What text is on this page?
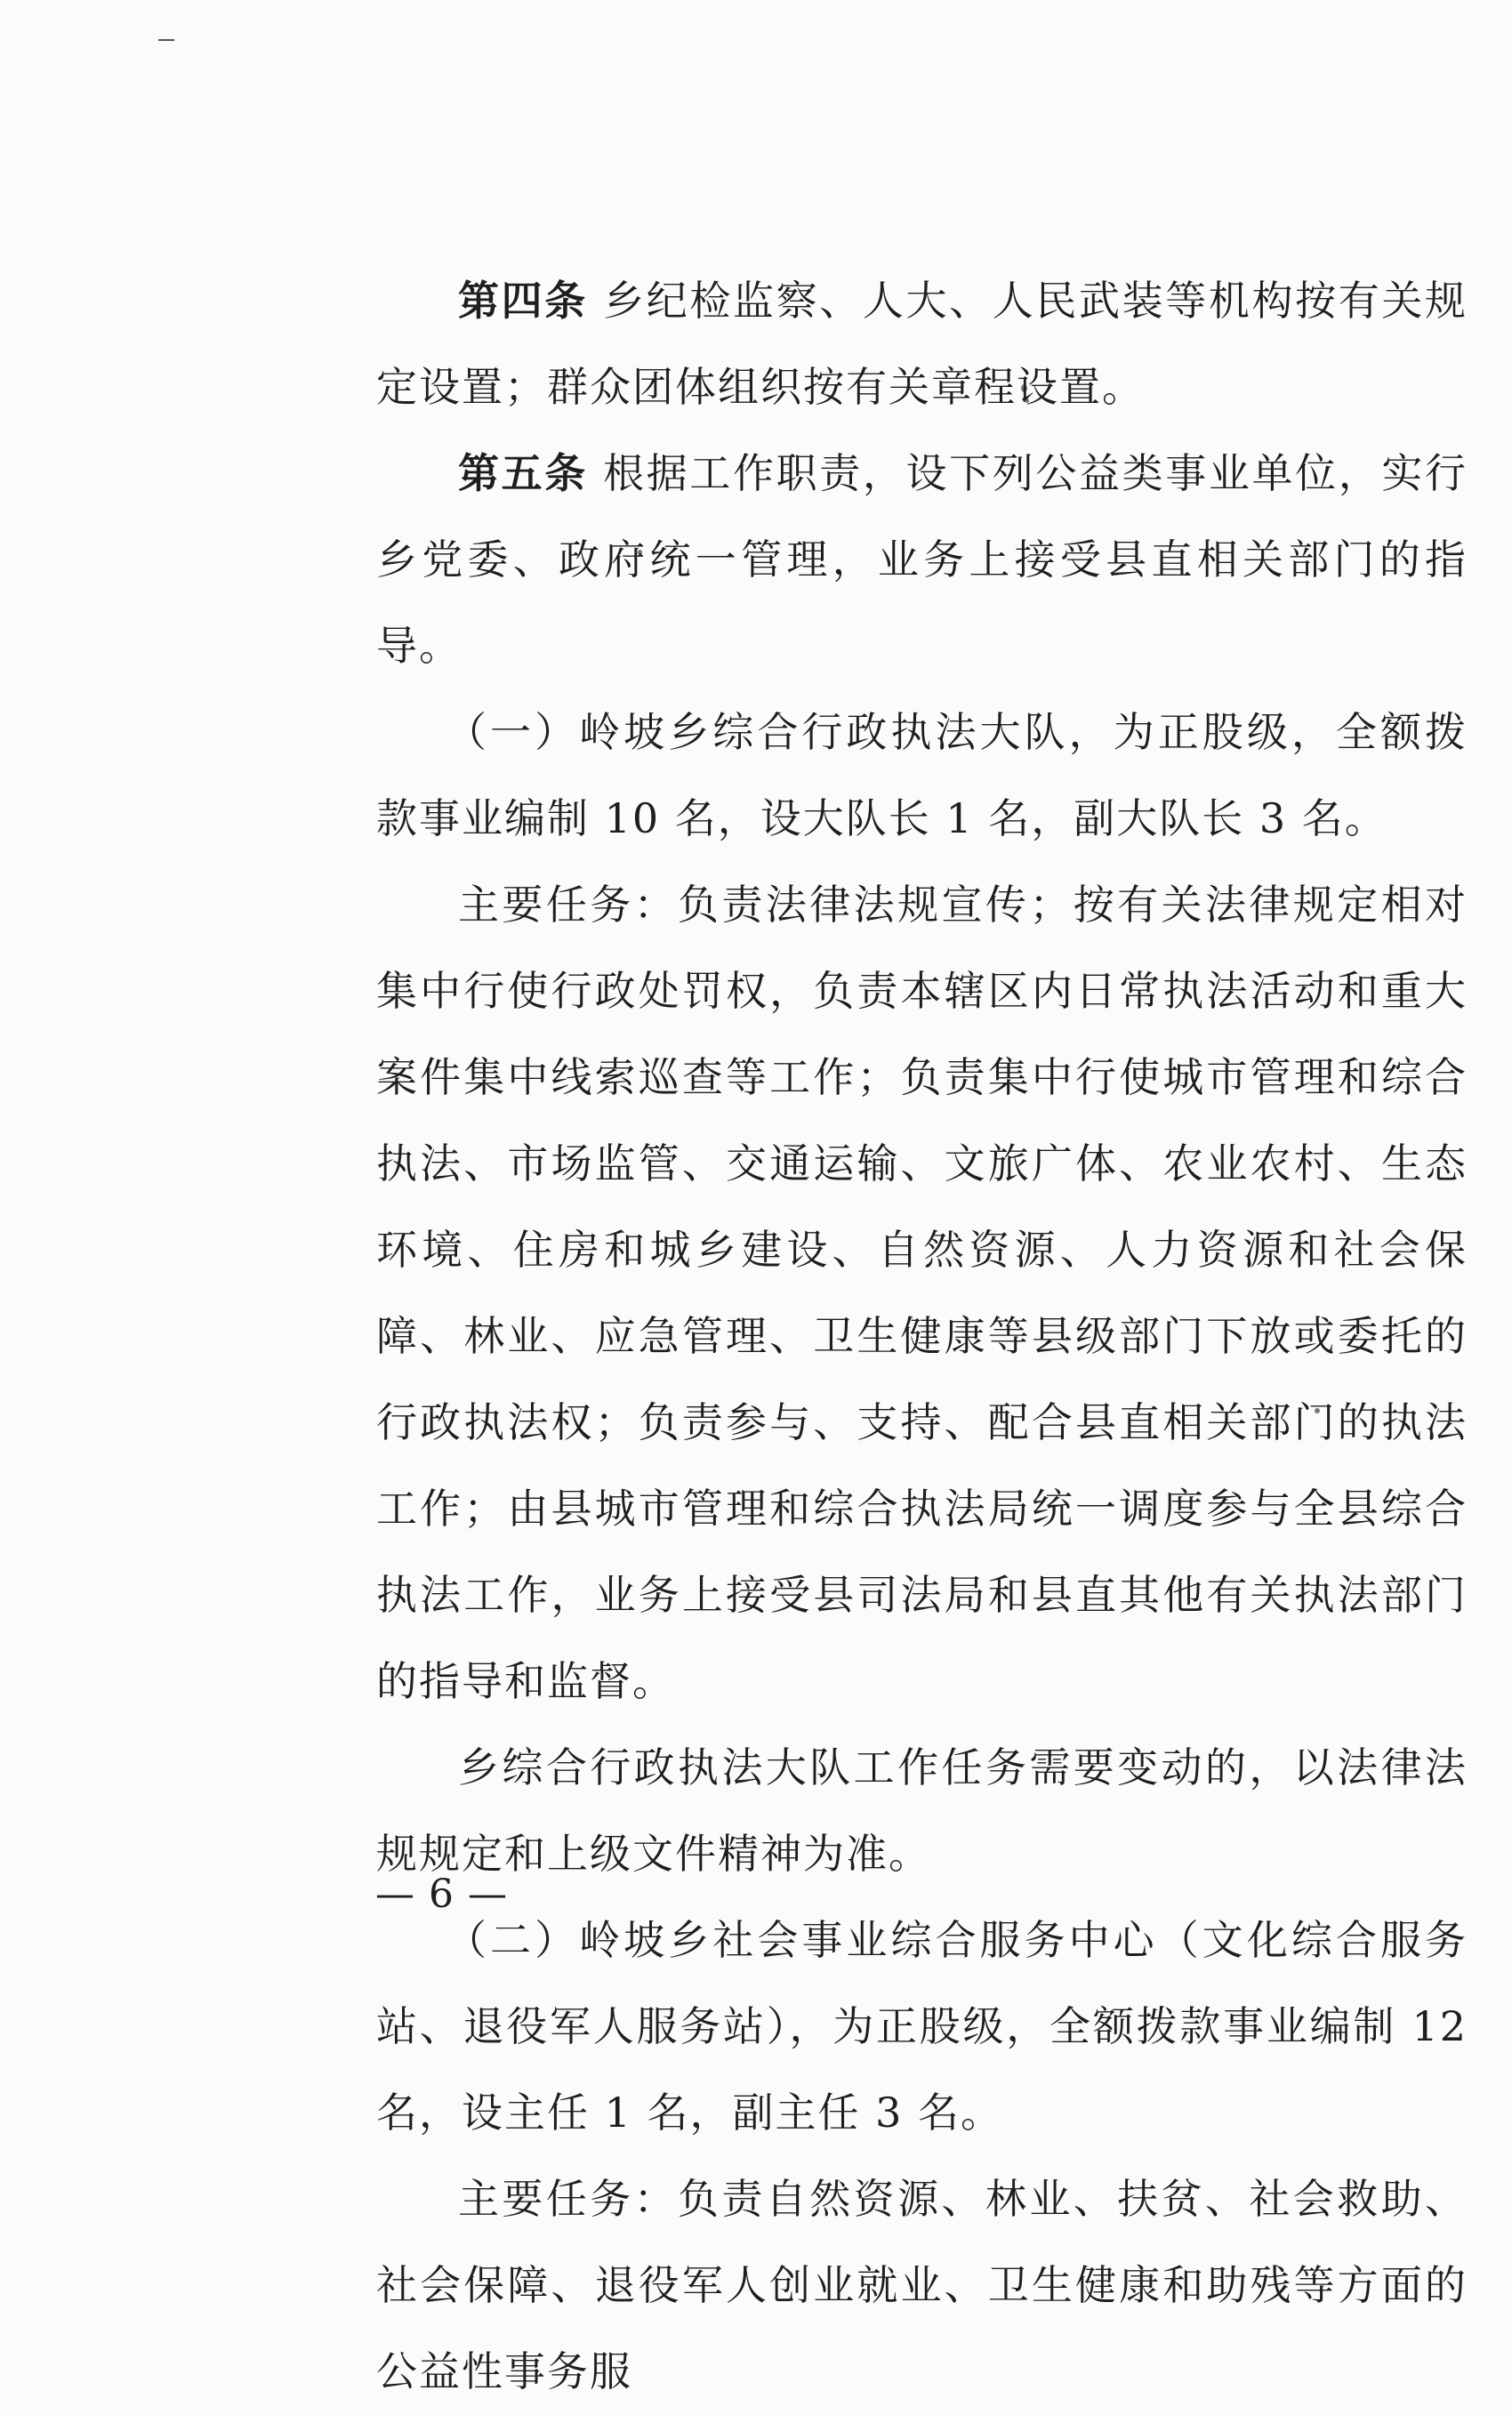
第四条 乡纪检监察、人大、人民武装等机构按有关规定设置；群众团体组织按有关章程设置。

第五条 根据工作职责，设下列公益类事业单位，实行乡党委、政府统一管理，业务上接受县直相关部门的指导。

（一）岭坡乡综合行政执法大队，为正股级，全额拨款事业编制 10 名，设大队长 1 名，副大队长 3 名。

主要任务：负责法律法规宣传；按有关法律规定相对集中行使行政处罚权，负责本辖区内日常执法活动和重大案件集中线索巡查等工作；负责集中行使城市管理和综合执法、市场监管、交通运输、文旅广体、农业农村、生态环境、住房和城乡建设、自然资源、人力资源和社会保障、林业、应急管理、卫生健康等县级部门下放或委托的行政执法权；负责参与、支持、配合县直相关部门的执法工作；由县城市管理和综合执法局统一调度参与全县综合执法工作，业务上接受县司法局和县直其他有关执法部门的指导和监督。

乡综合行政执法大队工作任务需要变动的，以法律法规规定和上级文件精神为准。

（二）岭坡乡社会事业综合服务中心（文化综合服务站、退役军人服务站），为正股级，全额拨款事业编制 12 名，设主任 1 名，副主任 3 名。

主要任务：负责自然资源、林业、扶贫、社会救助、社会保障、退役军人创业就业、卫生健康和助残等方面的公益性事务服

— 6 —
